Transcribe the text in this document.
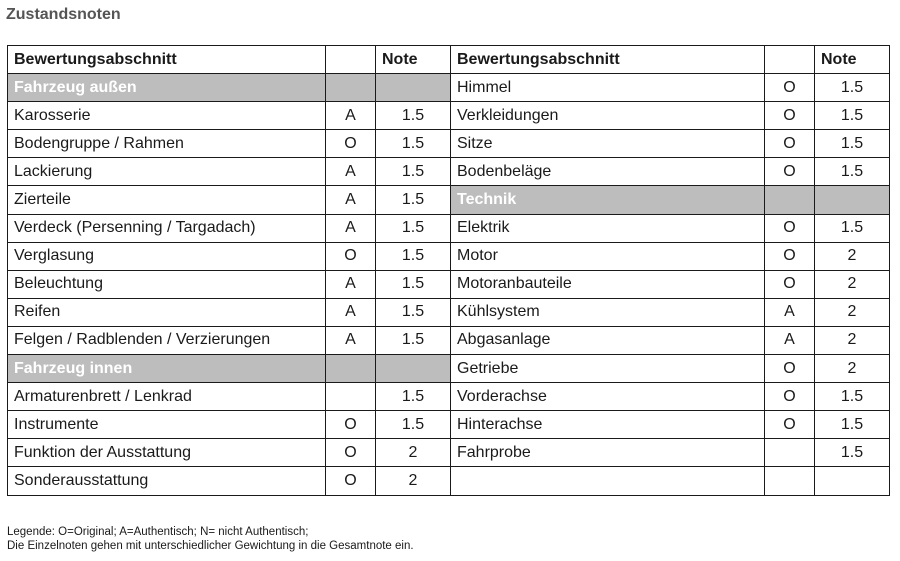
Zustandsnoten
Bewertungsabschnitt		Note	Bewertungsabschnitt		Note
Fahrzeug außen			Himmel	O	1.5
Karosserie	A	1.5	Verkleidungen	O	1.5
Bodengruppe / Rahmen	O	1.5	Sitze	O	1.5
Lackierung	A	1.5	Bodenbeläge	O	1.5
Zierteile	A	1.5	Technik		
Verdeck (Persenning / Targadach)	A	1.5	Elektrik	O	1.5
Verglasung	O	1.5	Motor	O	2
Beleuchtung	A	1.5	Motoranbauteile	O	2
Reifen	A	1.5	Kühlsystem	A	2
Felgen / Radblenden / Verzierungen	A	1.5	Abgasanlage	A	2
Fahrzeug innen			Getriebe	O	2
Armaturenbrett / Lenkrad		1.5	Vorderachse	O	1.5
Instrumente	O	1.5	Hinterachse	O	1.5
Funktion der Ausstattung	O	2	Fahrprobe		1.5
Sonderausstattung	O	2			
Legende: O=Original; A=Authentisch; N= nicht Authentisch;
Die Einzelnoten gehen mit unterschiedlicher Gewichtung in die Gesamtnote ein.
